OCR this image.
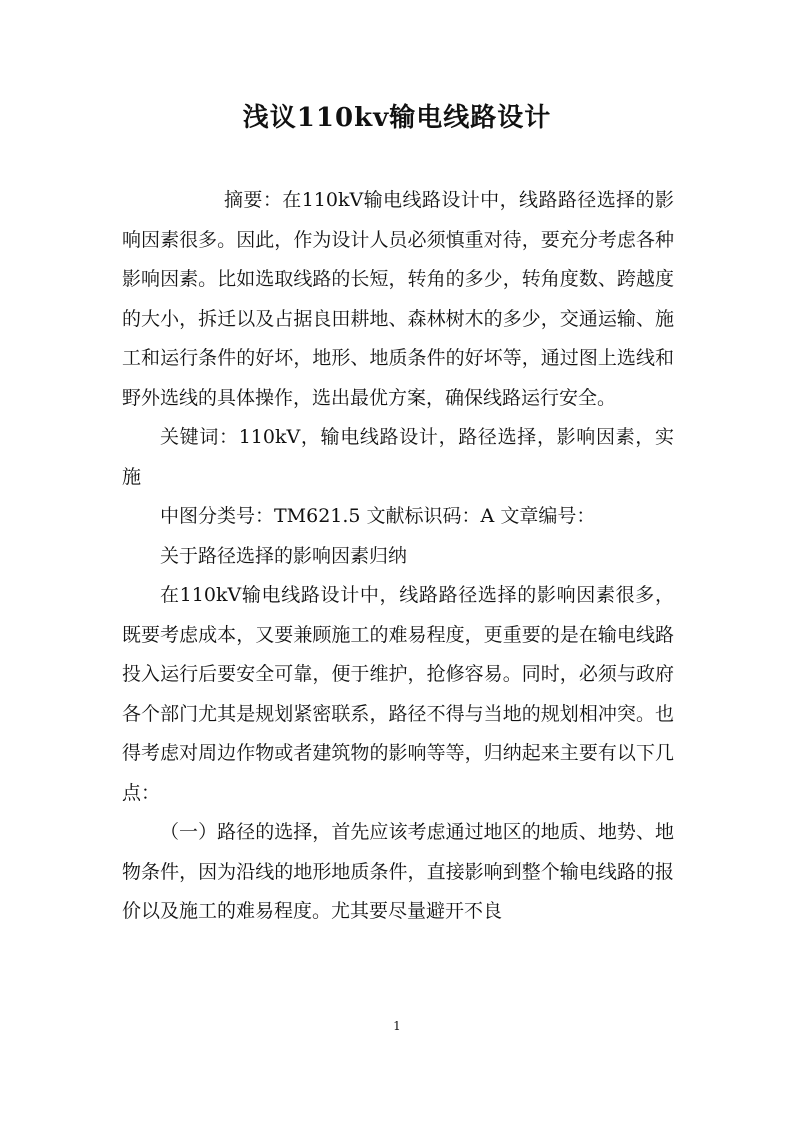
浅议110kv输电线路设计

摘要：在110kV输电线路设计中，线路路径选择的影响因素很多。因此，作为设计人员必须慎重对待，要充分考虑各种影响因素。比如选取线路的长短，转角的多少，转角度数、跨越度的大小，拆迁以及占据良田耕地、森林树木的多少，交通运输、施工和运行条件的好坏，地形、地质条件的好坏等，通过图上选线和野外选线的具体操作，选出最优方案，确保线路运行安全。

关键词：110kV，输电线路设计，路径选择，影响因素，实施

中图分类号：TM621.5 文献标识码：A 文章编号：

关于路径选择的影响因素归纳

在110kV输电线路设计中，线路路径选择的影响因素很多，既要考虑成本，又要兼顾施工的难易程度，更重要的是在输电线路投入运行后要安全可靠，便于维护，抢修容易。同时，必须与政府各个部门尤其是规划紧密联系，路径不得与当地的规划相冲突。也得考虑对周边作物或者建筑物的影响等等，归纳起来主要有以下几点：

（一）路径的选择，首先应该考虑通过地区的地质、地势、地物条件，因为沿线的地形地质条件，直接影响到整个输电线路的报价以及施工的难易程度。尤其要尽量避开不良

1
